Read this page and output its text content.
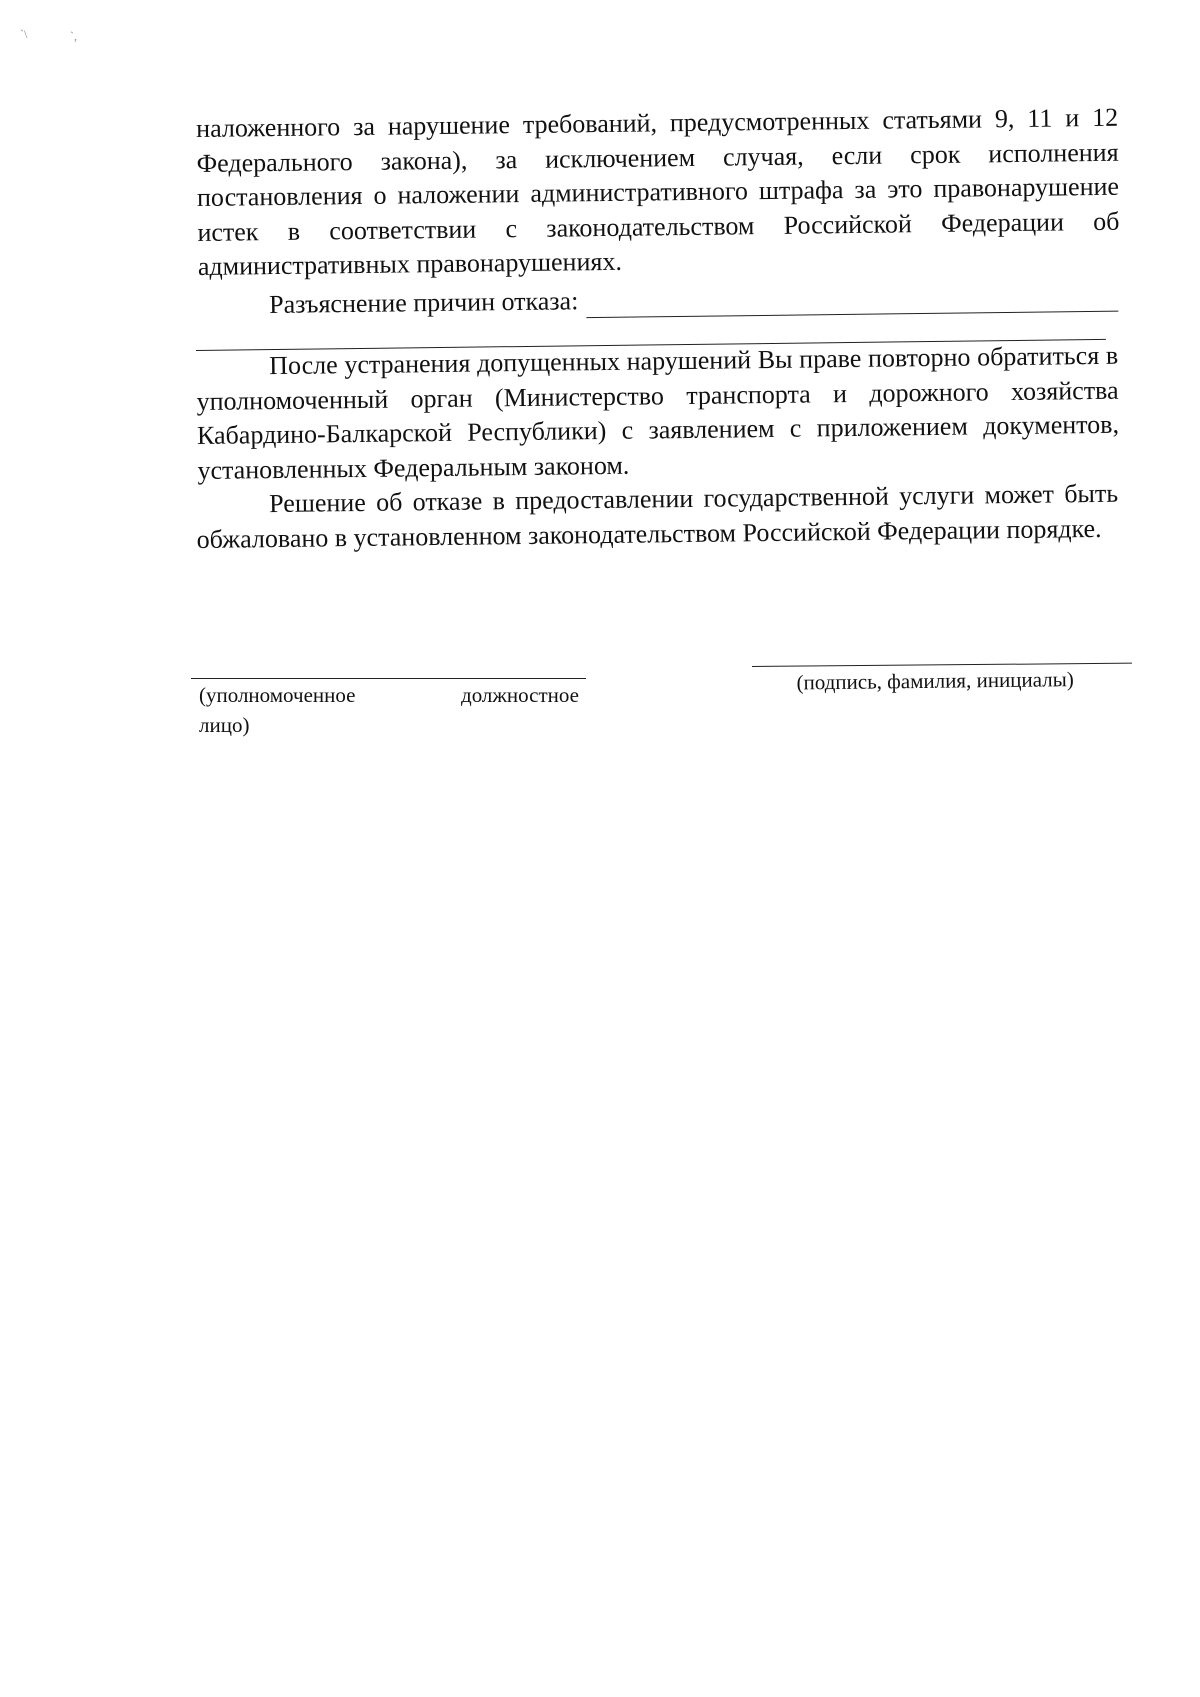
`\	`,
наложенного за нарушение требований, предусмотренных статьями 9, 11 и 12 Федерального закона), за исключением случая, если срок исполнения постановления о наложении административного штрафа за это правонарушение истек в соответствии с законодательством Российской Федерации об административных правонарушениях.
Разъяснение причин отказа:
После устранения допущенных нарушений Вы праве повторно обратиться в уполномоченный орган (Министерство транспорта и дорожного хозяйства Кабардино-Балкарской Республики) с заявлением с приложением документов, установленных Федеральным законом.
Решение об отказе в предоставлении государственной услуги может быть обжаловано в установленном законодательством Российской Федерации порядке.
(уполномоченное должностное
лицо)
(подпись, фамилия, инициалы)
